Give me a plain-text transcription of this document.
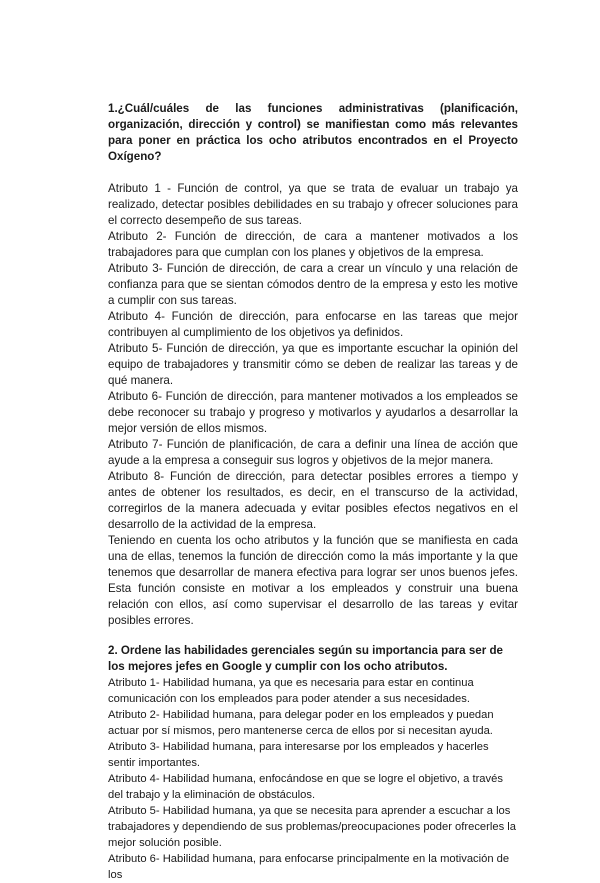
1.¿Cuál/cuáles de las funciones administrativas (planificación, organización, dirección y control) se manifiestan como más relevantes para poner en práctica los ocho atributos encontrados en el Proyecto Oxígeno?

Atributo 1 - Función de control, ya que se trata de evaluar un trabajo ya realizado, detectar posibles debilidades en su trabajo y ofrecer soluciones para el correcto desempeño de sus tareas.

Atributo 2- Función de dirección, de cara a mantener motivados a los trabajadores para que cumplan con los planes y objetivos de la empresa.

Atributo 3- Función de dirección, de cara a crear un vínculo y una relación de confianza para que se sientan cómodos dentro de la empresa y esto les motive a cumplir con sus tareas.

Atributo 4- Función de dirección, para enfocarse en las tareas que mejor contribuyen al cumplimiento de los objetivos ya definidos.

Atributo 5- Función de dirección, ya que es importante escuchar la opinión del equipo de trabajadores y transmitir cómo se deben de realizar las tareas y de qué manera.

Atributo 6- Función de dirección, para mantener motivados a los empleados se debe reconocer su trabajo y progreso y motivarlos y ayudarlos a desarrollar la mejor versión de ellos mismos.

Atributo 7- Función de planificación, de cara a definir una línea de acción que ayude a la empresa a conseguir sus logros y objetivos de la mejor manera.

Atributo 8- Función de dirección, para detectar posibles errores a tiempo y antes de obtener los resultados, es decir, en el transcurso de la actividad, corregirlos de la manera adecuada y evitar posibles efectos negativos en el desarrollo de la actividad de la empresa.

Teniendo en cuenta los ocho atributos y la función que se manifiesta en cada una de ellas, tenemos la función de dirección como la más importante y la que tenemos que desarrollar de manera efectiva para lograr ser unos buenos jefes. Esta función consiste en motivar a los empleados y construir una buena relación con ellos, así como supervisar el desarrollo de las tareas y evitar posibles errores.

2. Ordene las habilidades gerenciales según su importancia para ser de los mejores jefes en Google y cumplir con los ocho atributos.

Atributo 1- Habilidad humana, ya que es necesaria para estar en continua comunicación con los empleados para poder atender a sus necesidades.

Atributo 2- Habilidad humana, para delegar poder en los empleados y puedan actuar por sí mismos, pero mantenerse cerca de ellos por si necesitan ayuda.

Atributo 3- Habilidad humana, para interesarse por los empleados y hacerles sentir importantes.

Atributo 4- Habilidad humana, enfocándose en que se logre el objetivo, a través del trabajo y la eliminación de obstáculos.

Atributo 5- Habilidad humana, ya que se necesita para aprender a escuchar a los trabajadores y dependiendo de sus problemas/preocupaciones poder ofrecerles la mejor solución posible.

Atributo 6- Habilidad humana, para enfocarse principalmente en la motivación de los
